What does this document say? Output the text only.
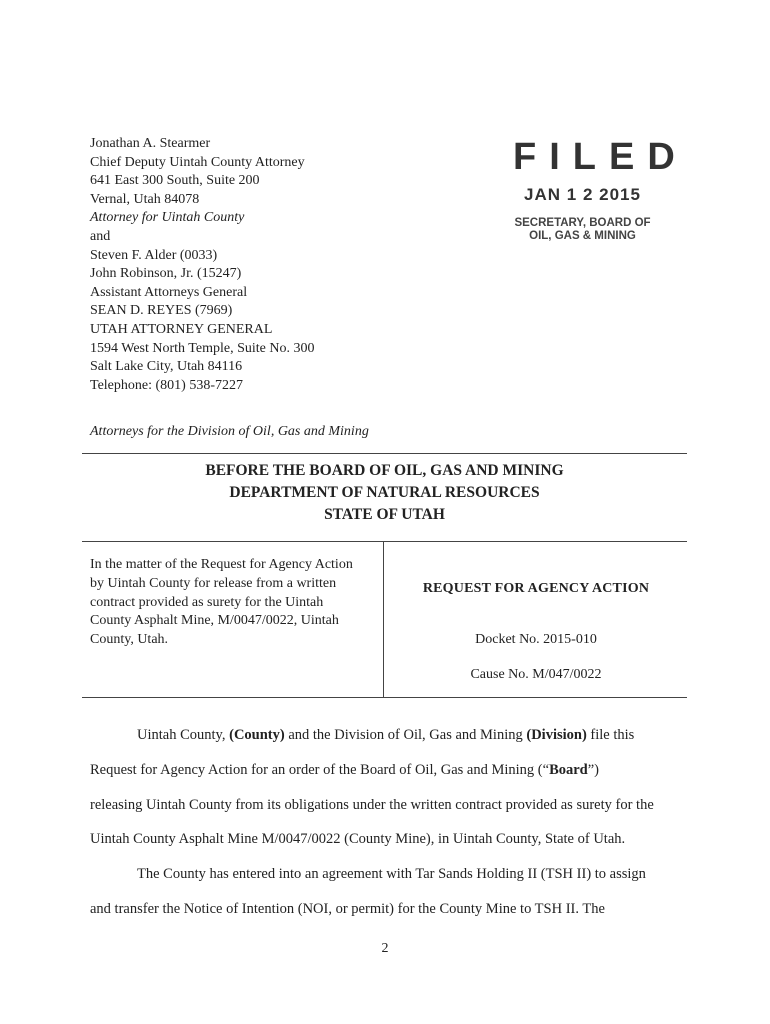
Jonathan A. Stearmer
Chief Deputy Uintah County Attorney
641 East 300 South, Suite 200
Vernal, Utah 84078
Attorney for Uintah County
and
Steven F. Alder (0033)
John Robinson, Jr. (15247)
Assistant Attorneys General
SEAN D. REYES (7969)
UTAH ATTORNEY GENERAL
1594 West North Temple, Suite No. 300
Salt Lake City, Utah 84116
Telephone: (801) 538-7227
Attorneys for the Division of Oil, Gas and Mining
FILED
JAN 1 2 2015
SECRETARY, BOARD OF
OIL, GAS & MINING
BEFORE THE BOARD OF OIL, GAS AND MINING
DEPARTMENT OF NATURAL RESOURCES
STATE OF UTAH
In the matter of the Request for Agency Action
by Uintah County for release from a written
contract provided as surety for the Uintah
County Asphalt Mine, M/0047/0022, Uintah
County, Utah.
REQUEST FOR AGENCY ACTION
Docket No. 2015-010
Cause No. M/047/0022

Uintah County, (County) and the Division of Oil, Gas and Mining (Division) file this

Request for Agency Action for an order of the Board of Oil, Gas and Mining (“Board”)

releasing Uintah County from its obligations under the written contract provided as surety for the

Uintah County Asphalt Mine M/0047/0022 (County Mine), in Uintah County, State of Utah.

The County has entered into an agreement with Tar Sands Holding II (TSH II) to assign

and transfer the Notice of Intention (NOI, or permit) for the County Mine to TSH II. The

2
